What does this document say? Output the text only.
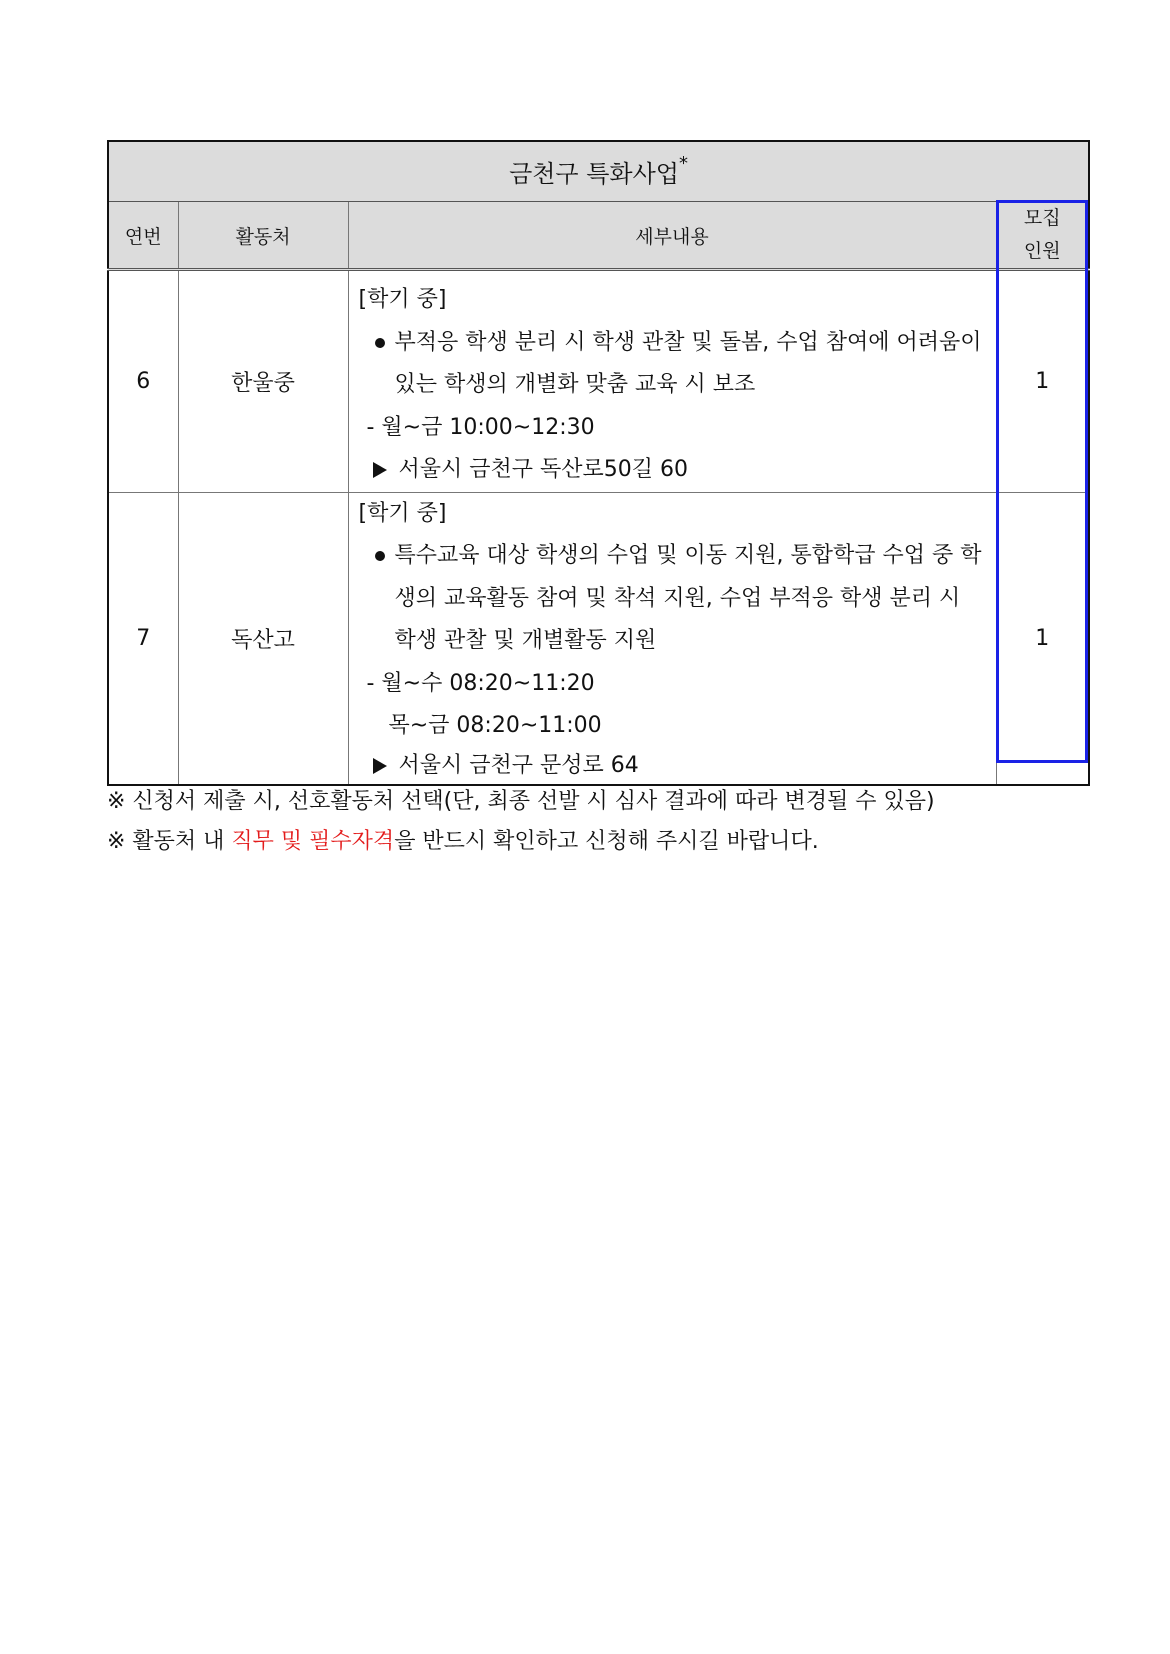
금천구 특화사업*
연번	활동처	세부내용	모집
인원

6	한울중	[학기 중]
부적응 학생 분리 시 학생 관찰 및 돌봄, 수업 참여에 어려움이 있는 학생의 개별화 맞춤 교육 시 보조
- 월~금 10:00~12:30
서울시 금천구 독산로50길 60	1
7	독산고	[학기 중]
특수교육 대상 학생의 수업 및 이동 지원, 통합학급 수업 중 학생의 교육활동 참여 및 착석 지원, 수업 부적응 학생 분리 시 학생 관찰 및 개별활동 지원
- 월~수 08:20~11:20
목~금 08:20~11:00
서울시 금천구 문성로 64	1
※ 신청서 제출 시, 선호활동처 선택(단, 최종 선발 시 심사 결과에 따라 변경될 수 있음)
※ 활동처 내 직무 및 필수자격을 반드시 확인하고 신청해 주시길 바랍니다.
